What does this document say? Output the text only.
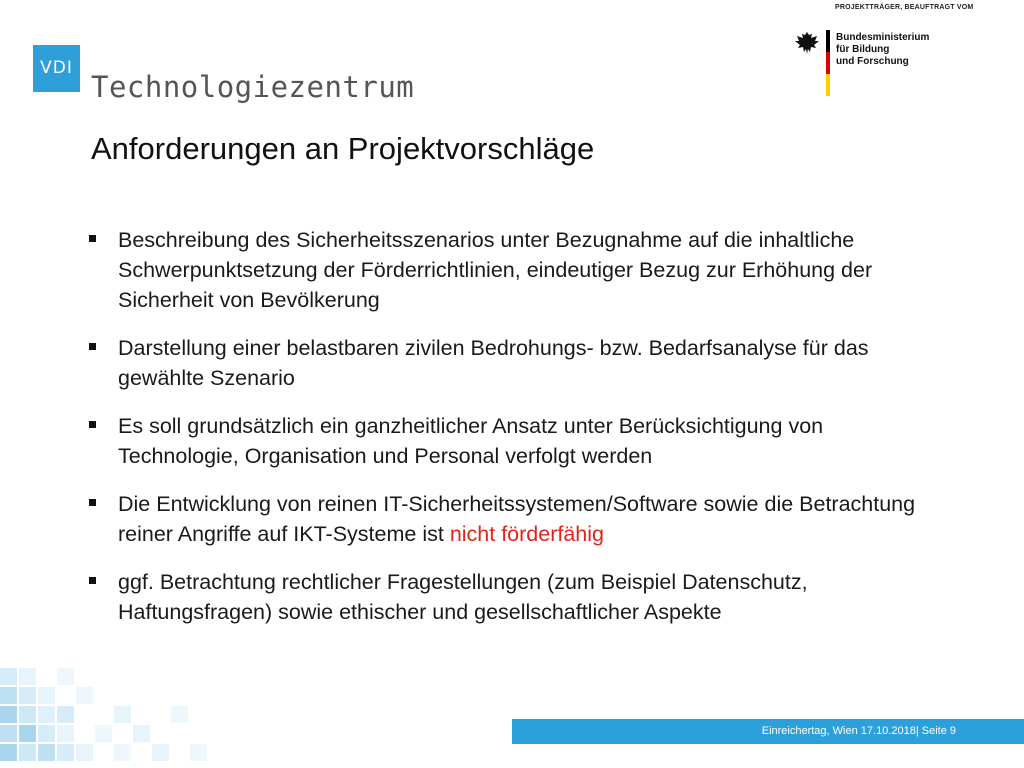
VDI
Technologiezentrum
PROJEKTTRÄGER, BEAUFTRAGT VOM
Bundesministerium
für Bildung
und Forschung
Anforderungen an Projektvorschläge
Beschreibung des Sicherheitsszenarios unter Bezugnahme auf die inhaltliche Schwerpunktsetzung der Förderrichtlinien, eindeutiger Bezug zur Erhöhung der Sicherheit von Bevölkerung
Darstellung einer belastbaren zivilen Bedrohungs- bzw. Bedarfsanalyse für das gewählte Szenario
Es soll grundsätzlich ein ganzheitlicher Ansatz unter Berücksichtigung von Technologie, Organisation und Personal verfolgt werden
Die Entwicklung von reinen IT-Sicherheitssystemen/Software sowie die Betrachtung reiner Angriffe auf IKT-Systeme ist nicht förderfähig
ggf. Betrachtung rechtlicher Fragestellungen (zum Beispiel Datenschutz, Haftungsfragen) sowie ethischer und gesellschaftlicher Aspekte
Einreichertag, Wien 17.10.2018| Seite 9
